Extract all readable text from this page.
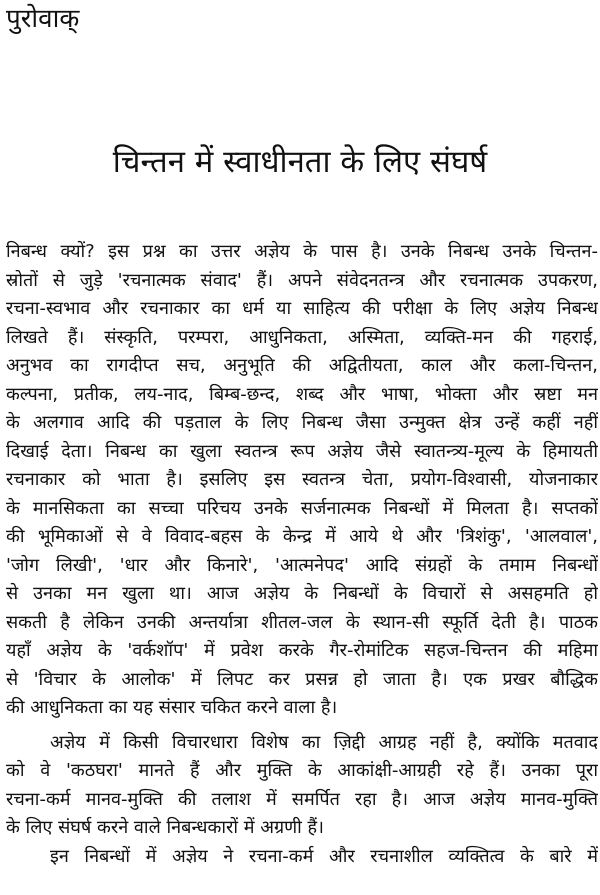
पुरोवाक्
चिन्तन में स्वाधीनता के लिए संघर्ष
निबन्ध क्यों? इस प्रश्न का उत्तर अज्ञेय के पास है। उनके निबन्ध उनके चिन्तन-
स्रोतों से जुड़े 'रचनात्मक संवाद' हैं। अपने संवेदनतन्त्र और रचनात्मक उपकरण,
रचना-स्वभाव और रचनाकार का धर्म या साहित्य की परीक्षा के लिए अज्ञेय निबन्ध
लिखते हैं। संस्कृति, परम्परा, आधुनिकता, अस्मिता, व्यक्ति-मन की गहराई,
अनुभव का रागदीप्त सच, अनुभूति की अद्वितीयता, काल और कला-चिन्तन,
कल्पना, प्रतीक, लय-नाद, बिम्ब-छन्द, शब्द और भाषा, भोक्ता और स्रष्टा मन
के अलगाव आदि की पड़ताल के लिए निबन्ध जैसा उन्मुक्त क्षेत्र उन्हें कहीं नहीं
दिखाई देता। निबन्ध का खुला स्वतन्त्र रूप अज्ञेय जैसे स्वातन्त्र्य-मूल्य के हिमायती
रचनाकार को भाता है। इसलिए इस स्वतन्त्र चेता, प्रयोग-विश्वासी, योजनाकार
के मानसिकता का सच्चा परिचय उनके सर्जनात्मक निबन्धों में मिलता है। सप्तकों
की भूमिकाओं से वे विवाद-बहस के केन्द्र में आये थे और 'त्रिशंकु', 'आलवाल',
'जोग लिखी', 'धार और किनारे', 'आत्मनेपद' आदि संग्रहों के तमाम निबन्धों
से उनका मन खुला था। आज अज्ञेय के निबन्धों के विचारों से असहमति हो
सकती है लेकिन उनकी अन्तर्यात्रा शीतल-जल के स्थान-सी स्फूर्ति देती है। पाठक
यहाँ अज्ञेय के 'वर्कशॉप' में प्रवेश करके गैर-रोमांटिक सहज-चिन्तन की महिमा
से 'विचार के आलोक' में लिपट कर प्रसन्न हो जाता है। एक प्रखर बौद्धिक
की आधुनिकता का यह संसार चकित करने वाला है।
अज्ञेय में किसी विचारधारा विशेष का ज़िद्दी आग्रह नहीं है, क्योंकि मतवाद
को वे 'कठघरा' मानते हैं और मुक्ति के आकांक्षी-आग्रही रहे हैं। उनका पूरा
रचना-कर्म मानव-मुक्ति की तलाश में समर्पित रहा है। आज अज्ञेय मानव-मुक्ति
के लिए संघर्ष करने वाले निबन्धकारों में अग्रणी हैं।
इन निबन्धों में अज्ञेय ने रचना-कर्म और रचनाशील व्यक्तित्व के बारे में
